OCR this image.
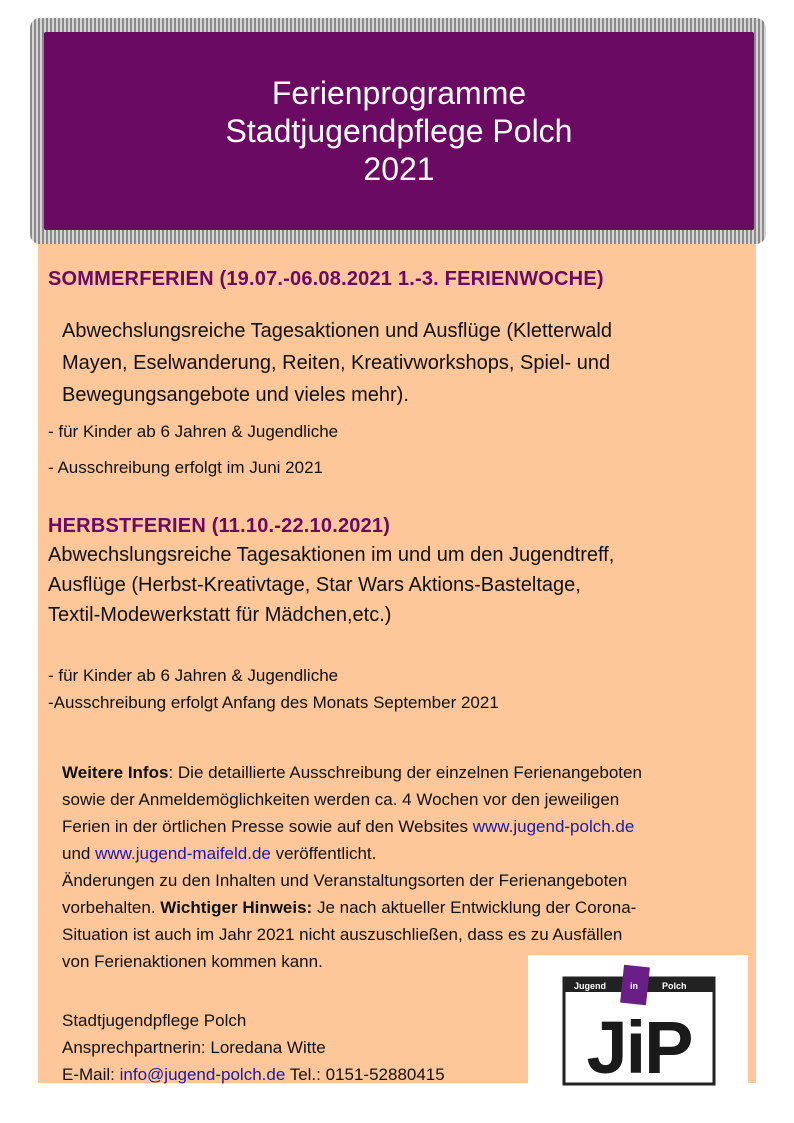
Ferienprogramme
Stadtjugendpflege Polch
2021
SOMMERFERIEN (19.07.-06.08.2021 1.-3. FERIENWOCHE)
Abwechslungsreiche Tagesaktionen und Ausflüge (Kletterwald
Mayen, Eselwanderung, Reiten, Kreativworkshops, Spiel- und
Bewegungsangebote und vieles mehr).
- für Kinder ab 6 Jahren & Jugendliche
- Ausschreibung erfolgt im Juni 2021
HERBSTFERIEN (11.10.-22.10.2021)
Abwechslungsreiche Tagesaktionen im und um den Jugendtreff,
Ausflüge (Herbst-Kreativtage, Star Wars Aktions-Basteltage,
Textil-Modewerkstatt für Mädchen,etc.)
- für Kinder ab 6 Jahren & Jugendliche
-Ausschreibung erfolgt Anfang des Monats September 2021
Weitere Infos: Die detaillierte Ausschreibung der einzelnen Ferienangeboten
sowie der Anmeldemöglichkeiten werden ca. 4 Wochen vor den jeweiligen
Ferien in der örtlichen Presse sowie auf den Websites www.jugend-polch.de
und www.jugend-maifeld.de veröffentlicht.
Änderungen zu den Inhalten und Veranstaltungsorten der Ferienangeboten
vorbehalten. Wichtiger Hinweis: Je nach aktueller Entwicklung der Corona-
Situation ist auch im Jahr 2021 nicht auszuschließen, dass es zu Ausfällen
von Ferienaktionen kommen kann.
Stadtjugendpflege Polch
Ansprechpartnerin: Loredana Witte
E-Mail: info@jugend-polch.de Tel.: 0151-52880415
Jugend	in	Polch
JiP
